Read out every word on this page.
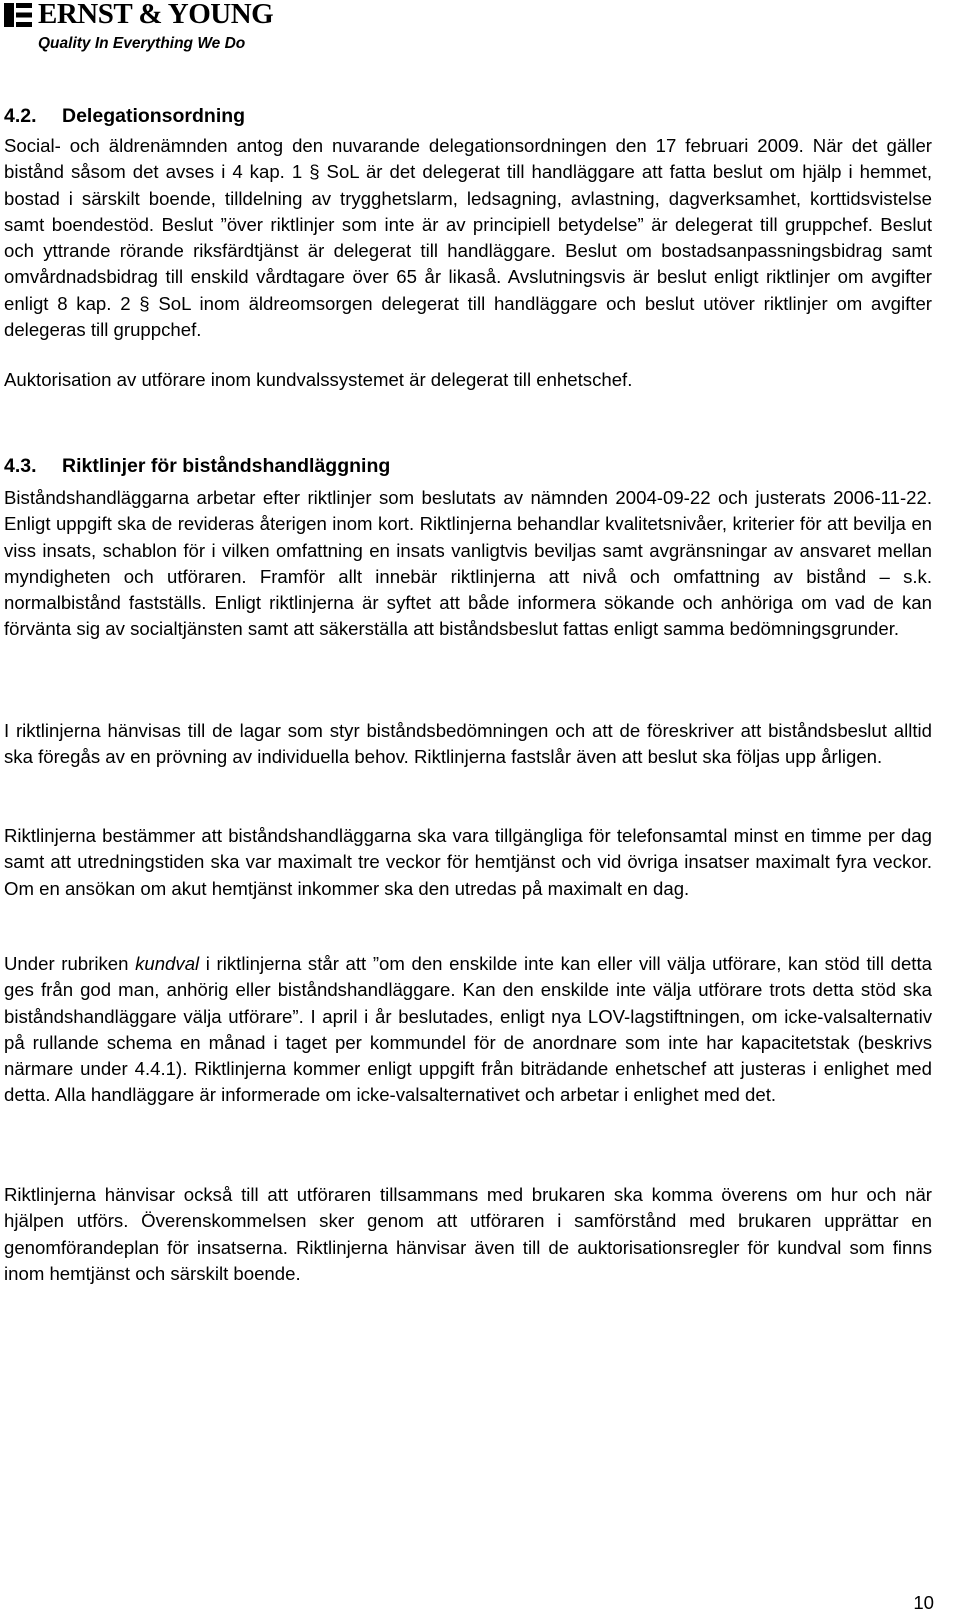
ERNST & YOUNG
Quality In Everything We Do
4.2. Delegationsordning

Social- och äldrenämnden antog den nuvarande delegationsordningen den 17 februari 2009. När det gäller bistånd såsom det avses i 4 kap. 1 § SoL är det delegerat till handläggare att fatta beslut om hjälp i hemmet, bostad i särskilt boende, tilldelning av trygghetslarm, ledsagning, avlastning, dagverksamhet, korttidsvistelse samt boendestöd. Beslut ”över riktlinjer som inte är av principiell betydelse” är delegerat till gruppchef. Beslut och yttrande rörande riksfärdtjänst är delegerat till handläggare. Beslut om bostadsanpassningsbidrag samt omvårdnadsbidrag till enskild vårdtagare över 65 år likaså. Avslutningsvis är beslut enligt riktlinjer om avgifter enligt 8 kap. 2 § SoL inom äldreomsorgen delegerat till handläggare och beslut utöver riktlinjer om avgifter delegeras till gruppchef.

Auktorisation av utförare inom kundvalssystemet är delegerat till enhetschef.

4.3. Riktlinjer för biståndshandläggning

Biståndshandläggarna arbetar efter riktlinjer som beslutats av nämnden 2004-09-22 och justerats 2006-11-22. Enligt uppgift ska de revideras återigen inom kort. Riktlinjerna behandlar kvalitetsnivåer, kriterier för att bevilja en viss insats, schablon för i vilken omfattning en insats vanligtvis beviljas samt avgränsningar av ansvaret mellan myndigheten och utföraren. Framför allt innebär riktlinjerna att nivå och omfattning av bistånd – s.k. normalbistånd fastställs. Enligt riktlinjerna är syftet att både informera sökande och anhöriga om vad de kan förvänta sig av socialtjänsten samt att säkerställa att biståndsbeslut fattas enligt samma bedömningsgrunder.

I riktlinjerna hänvisas till de lagar som styr biståndsbedömningen och att de föreskriver att biståndsbeslut alltid ska föregås av en prövning av individuella behov. Riktlinjerna fastslår även att beslut ska följas upp årligen.

Riktlinjerna bestämmer att biståndshandläggarna ska vara tillgängliga för telefonsamtal minst en timme per dag samt att utredningstiden ska var maximalt tre veckor för hemtjänst och vid övriga insatser maximalt fyra veckor. Om en ansökan om akut hemtjänst inkommer ska den utredas på maximalt en dag.

Under rubriken kundval i riktlinjerna står att ”om den enskilde inte kan eller vill välja utförare, kan stöd till detta ges från god man, anhörig eller biståndshandläggare. Kan den enskilde inte välja utförare trots detta stöd ska biståndshandläggare välja utförare”. I april i år beslutades, enligt nya LOV-lagstiftningen, om icke-valsalternativ på rullande schema en månad i taget per kommundel för de anordnare som inte har kapacitetstak (beskrivs närmare under 4.4.1). Riktlinjerna kommer enligt uppgift från biträdande enhetschef att justeras i enlighet med detta. Alla handläggare är informerade om icke-valsalternativet och arbetar i enlighet med det.

Riktlinjerna hänvisar också till att utföraren tillsammans med brukaren ska komma överens om hur och när hjälpen utförs. Överenskommelsen sker genom att utföraren i samförstånd med brukaren upprättar en genomförandeplan för insatserna. Riktlinjerna hänvisar även till de auktorisationsregler för kundval som finns inom hemtjänst och särskilt boende.

10
